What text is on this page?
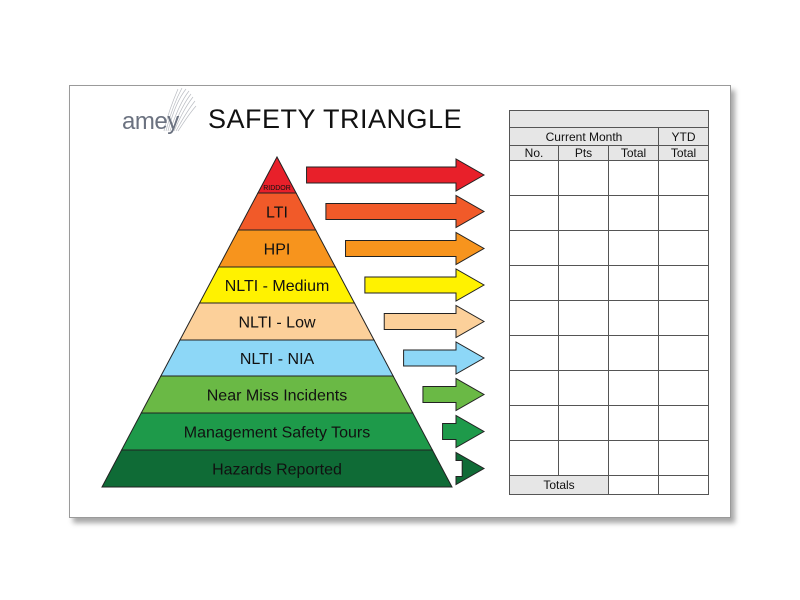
amey SAFETY TRIANGLE
RIDDOR
LTI
HPI
NLTI - Medium
NLTI - Low
NLTI - NIA
Near Miss Incidents
Management Safety Tours
Hazards Reported

Current Month			YTD
No.	Pts	Total	Total

Totals			
